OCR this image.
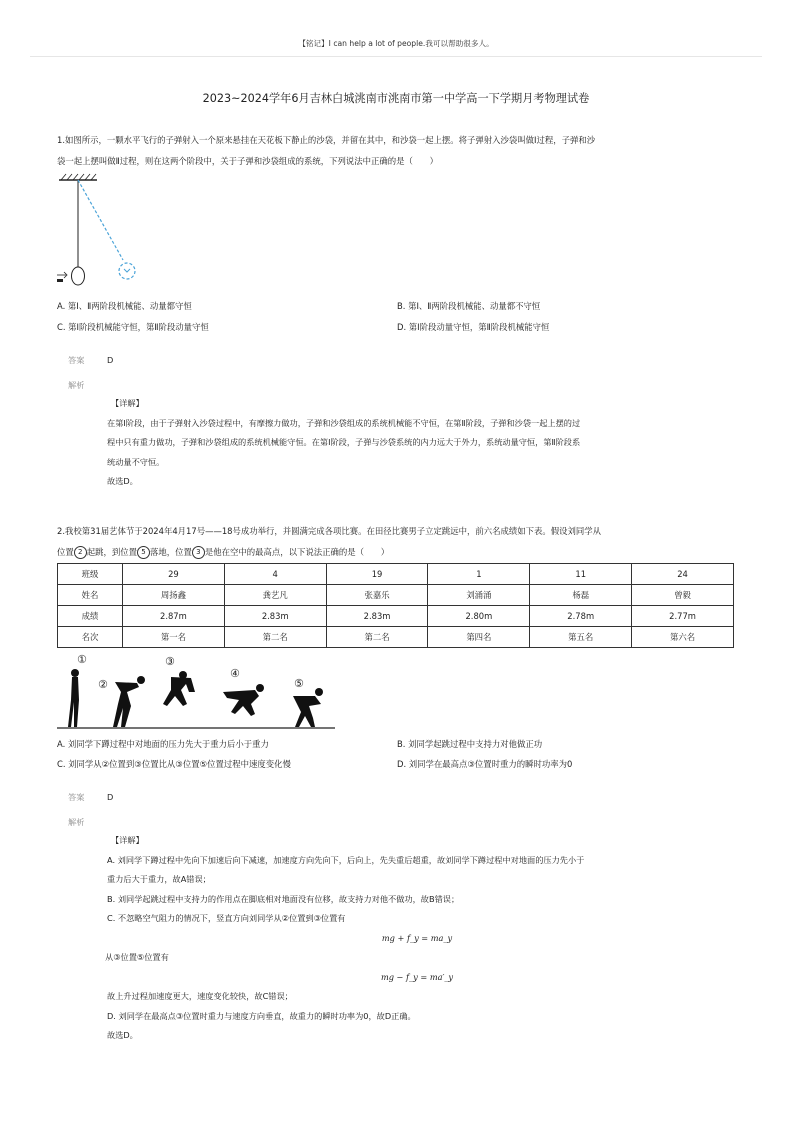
【铭记】I can help a lot of people.我可以帮助很多人。
2023~2024学年6月吉林白城洮南市洮南市第一中学高一下学期月考物理试卷
1.如图所示，一颗水平飞行的子弹射入一个原来悬挂在天花板下静止的沙袋，并留在其中，和沙袋一起上摆。将子弹射入沙袋叫做Ⅰ过程，子弹和沙
袋一起上摆叫做Ⅱ过程，则在这两个阶段中，关于子弹和沙袋组成的系统，下列说法中正确的是（　　）
A. 第Ⅰ、Ⅱ两阶段机械能、动量都守恒	B. 第Ⅰ、Ⅱ两阶段机械能、动量都不守恒
C. 第Ⅰ阶段机械能守恒，第Ⅱ阶段动量守恒	D. 第Ⅰ阶段动量守恒，第Ⅱ阶段机械能守恒
答案	D
解析

【详解】

在第Ⅰ阶段，由于子弹射入沙袋过程中，有摩擦力做功，子弹和沙袋组成的系统机械能不守恒，在第Ⅱ阶段，子弹和沙袋一起上摆的过

程中只有重力做功，子弹和沙袋组成的系统机械能守恒。在第Ⅰ阶段，子弹与沙袋系统的内力远大于外力，系统动量守恒，第Ⅱ阶段系

统动量不守恒。

故选D。

2.我校第31届艺体节于2024年4月17号——18号成功举行，并圆满完成各项比赛。在田径比赛男子立定跳远中，前六名成绩如下表。假设刘同学从
位置 2 起跳，到位置 5 落地，位置 3 是他在空中的最高点，以下说法正确的是（　　）
班级	29	4	19	1	11	24
姓名	周扬鑫	龚艺凡	张嘉乐	刘涌涌	杨磊	曾毅
成绩	2.87m	2.83m	2.83m	2.80m	2.78m	2.77m
名次	第一名	第二名	第二名	第四名	第五名	第六名
①
②
③
④
⑤
A. 刘同学下蹲过程中对地面的压力先大于重力后小于重力	B. 刘同学起跳过程中支持力对他做正功
C. 刘同学从②位置到③位置比从③位置⑤位置过程中速度变化慢	D. 刘同学在最高点③位置时重力的瞬时功率为0
答案	D
解析

【详解】

A. 刘同学下蹲过程中先向下加速后向下减速，加速度方向先向下，后向上，先失重后超重，故刘同学下蹲过程中对地面的压力先小于

重力后大于重力，故A错误；

B. 刘同学起跳过程中支持力的作用点在脚底相对地面没有位移，故支持力对他不做功，故B错误；

C. 不忽略空气阻力的情况下，竖直方向刘同学从②位置到③位置有

mg + f_y = ma_y

从③位置⑤位置有

mg − f_y = ma′_y

故上升过程加速度更大，速度变化较快，故C错误；

D. 刘同学在最高点③位置时重力与速度方向垂直，故重力的瞬时功率为0，故D正确。

故选D。
